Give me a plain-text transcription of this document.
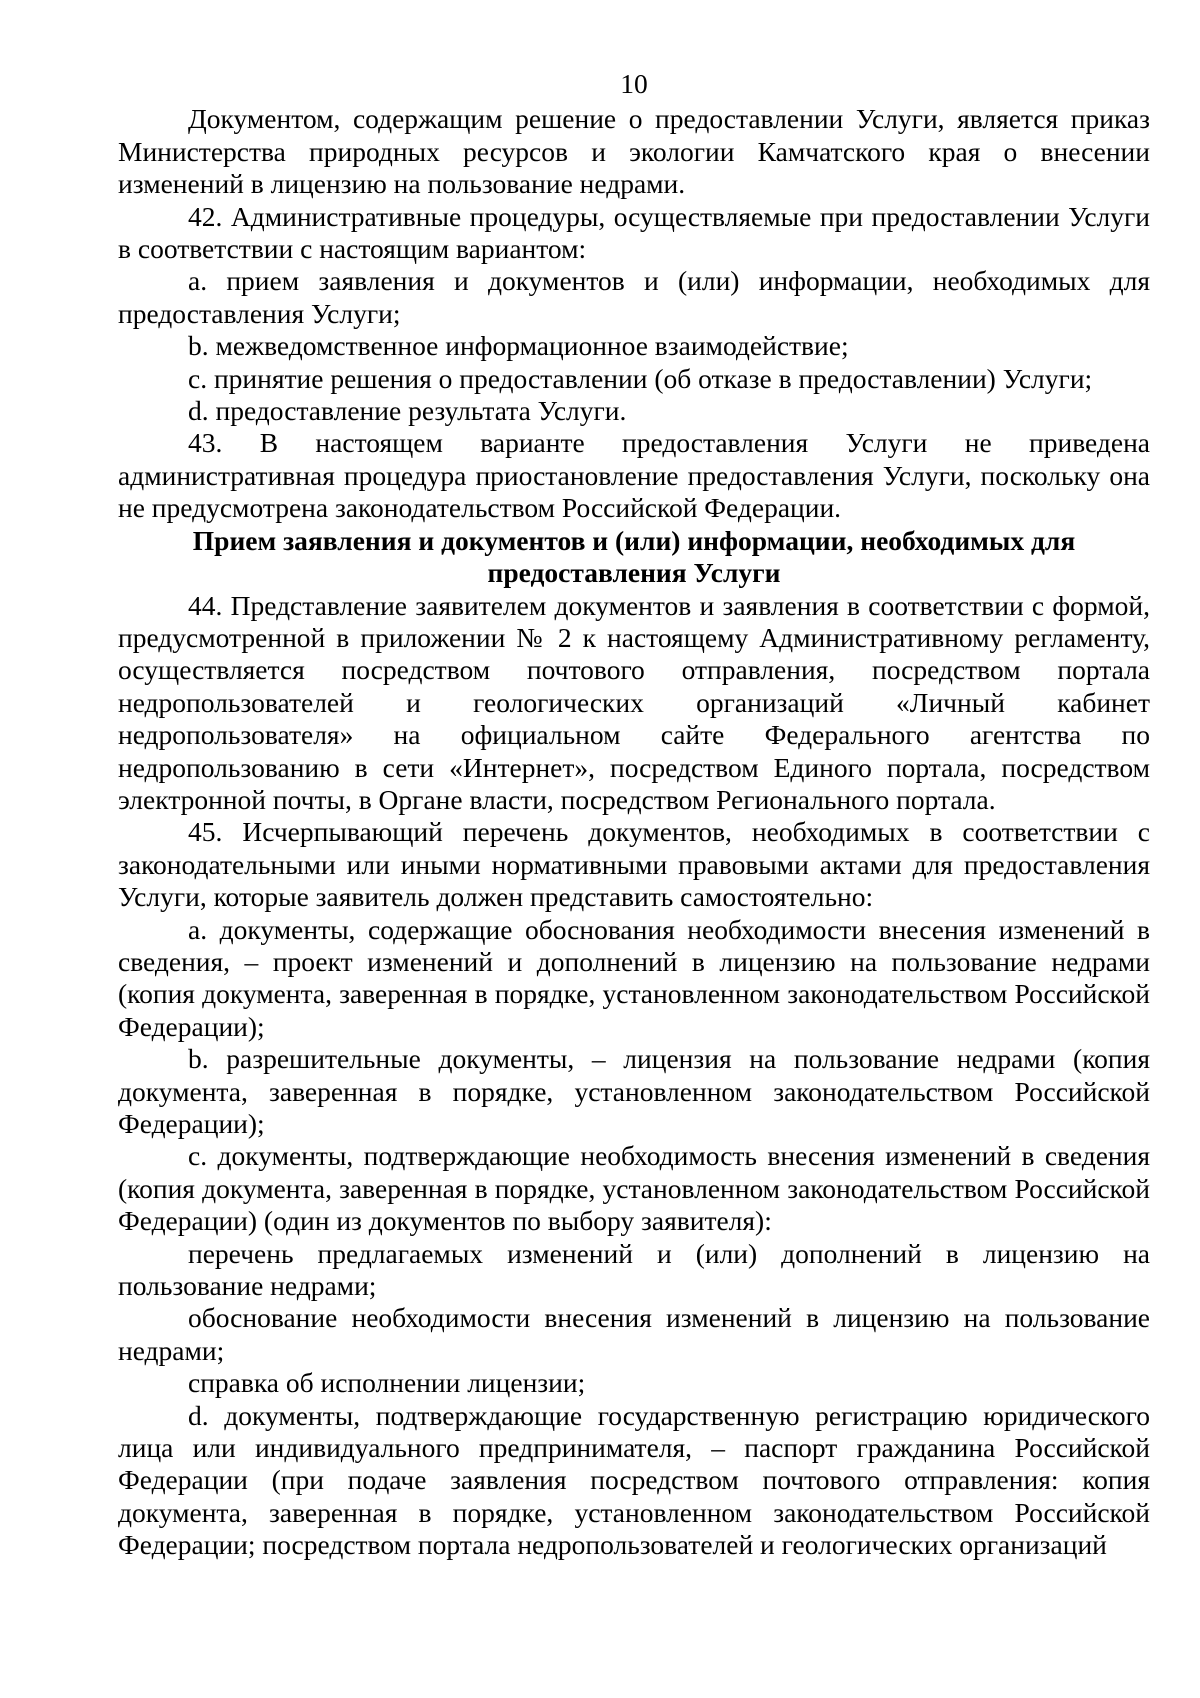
10

Документом, содержащим решение о предоставлении Услуги, является приказ Министерства природных ресурсов и экологии Камчатского края о внесении изменений в лицензию на пользование недрами.

42. Административные процедуры, осуществляемые при предоставлении Услуги в соответствии с настоящим вариантом:

a. прием заявления и документов и (или) информации, необходимых для предоставления Услуги;

b. межведомственное информационное взаимодействие;

c. принятие решения о предоставлении (об отказе в предоставлении) Услуги;

d. предоставление результата Услуги.

43. В настоящем варианте предоставления Услуги не приведена административная процедура приостановление предоставления Услуги, поскольку она не предусмотрена законодательством Российской Федерации.

Прием заявления и документов и (или) информации, необходимых для предоставления Услуги

44. Представление заявителем документов и заявления в соответствии с формой, предусмотренной в приложении № 2 к настоящему Административному регламенту, осуществляется посредством почтового отправления, посредством портала недропользователей и геологических организаций «Личный кабинет недропользователя» на официальном сайте Федерального агентства по недропользованию в сети «Интернет», посредством Единого портала, посредством электронной почты, в Органе власти, посредством Регионального портала.

45. Исчерпывающий перечень документов, необходимых в соответствии с законодательными или иными нормативными правовыми актами для предоставления Услуги, которые заявитель должен представить самостоятельно:

a. документы, содержащие обоснования необходимости внесения изменений в сведения, – проект изменений и дополнений в лицензию на пользование недрами (копия документа, заверенная в порядке, установленном законодательством Российской Федерации);

b. разрешительные документы, – лицензия на пользование недрами (копия документа, заверенная в порядке, установленном законодательством Российской Федерации);

c. документы, подтверждающие необходимость внесения изменений в сведения (копия документа, заверенная в порядке, установленном законодательством Российской Федерации) (один из документов по выбору заявителя):

перечень предлагаемых изменений и (или) дополнений в лицензию на пользование недрами;

обоснование необходимости внесения изменений в лицензию на пользование недрами;

справка об исполнении лицензии;

d. документы, подтверждающие государственную регистрацию юридического лица или индивидуального предпринимателя, – паспорт гражданина Российской Федерации (при подаче заявления посредством почтового отправления: копия документа, заверенная в порядке, установленном законодательством Российской Федерации; посредством портала недропользователей и геологических организаций
